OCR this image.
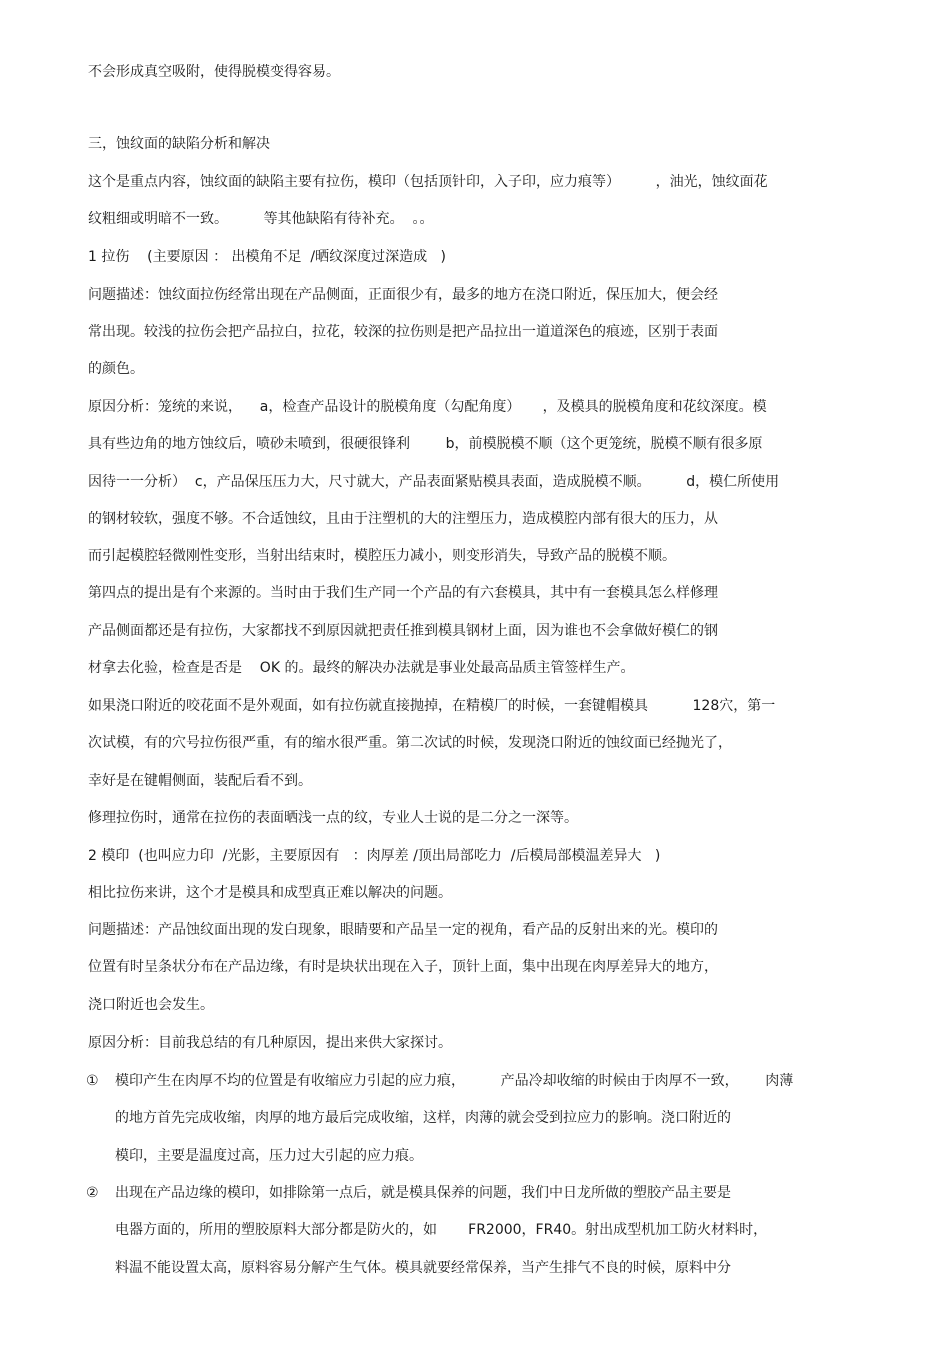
不会形成真空吸附，使得脱模变得容易。
三，蚀纹面的缺陷分析和解决
这个是重点内容，蚀纹面的缺陷主要有拉伤，模印（包括顶针印，入子印，应力痕等）        ，油光，蚀纹面花
纹粗细或明暗不一致。        等其他缺陷有待补充。  。。
1 拉伤    (主要原因 ： 出模角不足  /晒纹深度过深造成   )
问题描述：蚀纹面拉伤经常出现在产品侧面，正面很少有，最多的地方在浇口附近，保压加大，便会经
常出现。较浅的拉伤会把产品拉白，拉花，较深的拉伤则是把产品拉出一道道深色的痕迹，区别于表面
的颜色。
原因分析：笼统的来说，    a，检查产品设计的脱模角度（勾配角度）     ，及模具的脱模角度和花纹深度。模
具有些边角的地方蚀纹后，喷砂未喷到，很硬很锋利        b，前模脱模不顺（这个更笼统，脱模不顺有很多原
因待一一分析）  c，产品保压压力大，尺寸就大，产品表面紧贴模具表面，造成脱模不顺。        d，模仁所使用
的钢材较软，强度不够。不合适蚀纹，且由于注塑机的大的注塑压力，造成模腔内部有很大的压力，从
而引起模腔轻微刚性变形，当射出结束时，模腔压力减小，则变形消失，导致产品的脱模不顺。
第四点的提出是有个来源的。当时由于我们生产同一个产品的有六套模具，其中有一套模具怎么样修理
产品侧面都还是有拉伤，大家都找不到原因就把责任推到模具钢材上面，因为谁也不会拿做好模仁的钢
材拿去化验，检查是否是    OK 的。最终的解决办法就是事业处最高品质主管签样生产。
如果浇口附近的咬花面不是外观面，如有拉伤就直接抛掉，在精模厂的时候，一套键帽模具          128穴，第一
次试模，有的穴号拉伤很严重，有的缩水很严重。第二次试的时候，发现浇口附近的蚀纹面已经抛光了，
幸好是在键帽侧面，装配后看不到。
修理拉伤时，通常在拉伤的表面晒浅一点的纹，专业人士说的是二分之一深等。
2 模印  (也叫应力印  /光影，主要原因有   ：肉厚差 /顶出局部吃力  /后模局部模温差异大   )
相比拉伤来讲，这个才是模具和成型真正难以解决的问题。
问题描述：产品蚀纹面出现的发白现象，眼睛要和产品呈一定的视角，看产品的反射出来的光。模印的
位置有时呈条状分布在产品边缘，有时是块状出现在入子，顶针上面，集中出现在肉厚差异大的地方，
浇口附近也会发生。
原因分析：目前我总结的有几种原因，提出来供大家探讨。
① 模印产生在肉厚不均的位置是有收缩应力引起的应力痕，        产品冷却收缩的时候由于肉厚不一致，      肉薄
的地方首先完成收缩，肉厚的地方最后完成收缩，这样，肉薄的就会受到拉应力的影响。浇口附近的
模印，主要是温度过高，压力过大引起的应力痕。
② 出现在产品边缘的模印，如排除第一点后，就是模具保养的问题，我们中日龙所做的塑胶产品主要是
电器方面的，所用的塑胶原料大部分都是防火的，如       FR2000，FR40。射出成型机加工防火材料时，
料温不能设置太高，原料容易分解产生气体。模具就要经常保养，当产生排气不良的时候，原料中分
